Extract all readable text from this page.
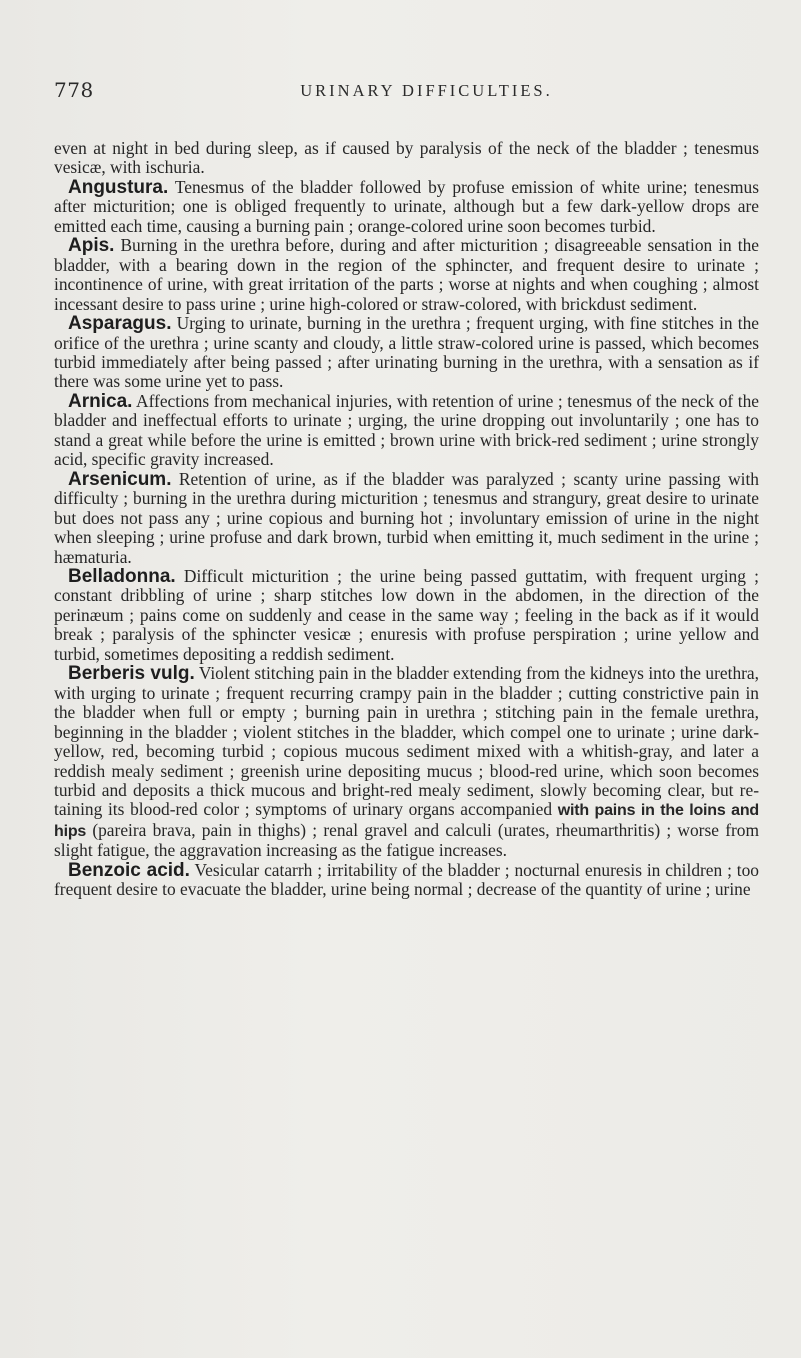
778	URINARY DIFFICULTIES.

even at night in bed during sleep, as if caused by paralysis of the neck of the bladder ; tenesmus vesicæ, with ischuria.

Angustura. Tenesmus of the bladder followed by profuse emission of white urine; tenesmus after micturition; one is obliged frequently to urinate, although but a few dark-yellow drops are emitted each time, causing a burning pain ; orange-colored urine soon becomes turbid.

Apis. Burning in the urethra before, during and after micturition ; disagreeable sensation in the bladder, with a bearing down in the region of the sphincter, and frequent desire to urinate ; incontinence of urine, with great irritation of the parts ; worse at nights and when coughing ; almost incessant desire to pass urine ; urine high-colored or straw-colored, with brickdust sediment.

Asparagus. Urging to urinate, burning in the urethra ; frequent urging, with fine stitches in the orifice of the urethra ; urine scanty and cloudy, a little straw-colored urine is passed, which becomes turbid immediately after being passed ; after urinating burning in the urethra, with a sensation as if there was some urine yet to pass.

Arnica. Affections from mechanical injuries, with retention of urine ; tenesmus of the neck of the bladder and ineffectual efforts to urinate ; urging, the urine dropping out involuntarily ; one has to stand a great while before the urine is emitted ; brown urine with brick-red sediment ; urine strongly acid, specific gravity increased.

Arsenicum. Retention of urine, as if the bladder was paralyzed ; scanty urine passing with difficulty ; burning in the urethra during micturition ; tenesmus and strangury, great desire to urinate but does not pass any ; urine copious and burning hot ; involuntary emission of urine in the night when sleeping ; urine profuse and dark brown, turbid when emitting it, much sediment in the urine ; hæmaturia.

Belladonna. Difficult micturition ; the urine being passed guttatim, with frequent urging ; constant dribbling of urine ; sharp stitches low down in the abdomen, in the direction of the perinæum ; pains come on suddenly and cease in the same way ; feeling in the back as if it would break ; paralysis of the sphincter vesicæ ; enuresis with profuse perspiration ; urine yellow and turbid, sometimes depositing a reddish sediment.

Berberis vulg. Violent stitching pain in the bladder extending from the kidneys into the urethra, with urging to urinate ; frequent recurring crampy pain in the bladder ; cutting constrictive pain in the bladder when full or empty ; burning pain in urethra ; stitching pain in the female urethra, beginning in the bladder ; violent stitches in the bladder, which compel one to urinate ; urine dark-yellow, red, becoming turbid ; copious mucous sediment mixed with a whitish-gray, and later a reddish mealy sediment ; greenish urine depositing mucus ; blood-red urine, which soon becomes turbid and deposits a thick mucous and bright-red mealy sediment, slowly becoming clear, but retaining its blood-red color ; symptoms of urinary organs accompanied with pains in the loins and hips (pareira brava, pain in thighs) ; renal gravel and calculi (urates, rheumarthritis) ; worse from slight fatigue, the aggravation increasing as the fatigue increases.

Benzoic acid. Vesicular catarrh ; irritability of the bladder ; nocturnal enuresis in children ; too frequent desire to evacuate the bladder, urine being normal ; decrease of the quantity of urine ; urine
